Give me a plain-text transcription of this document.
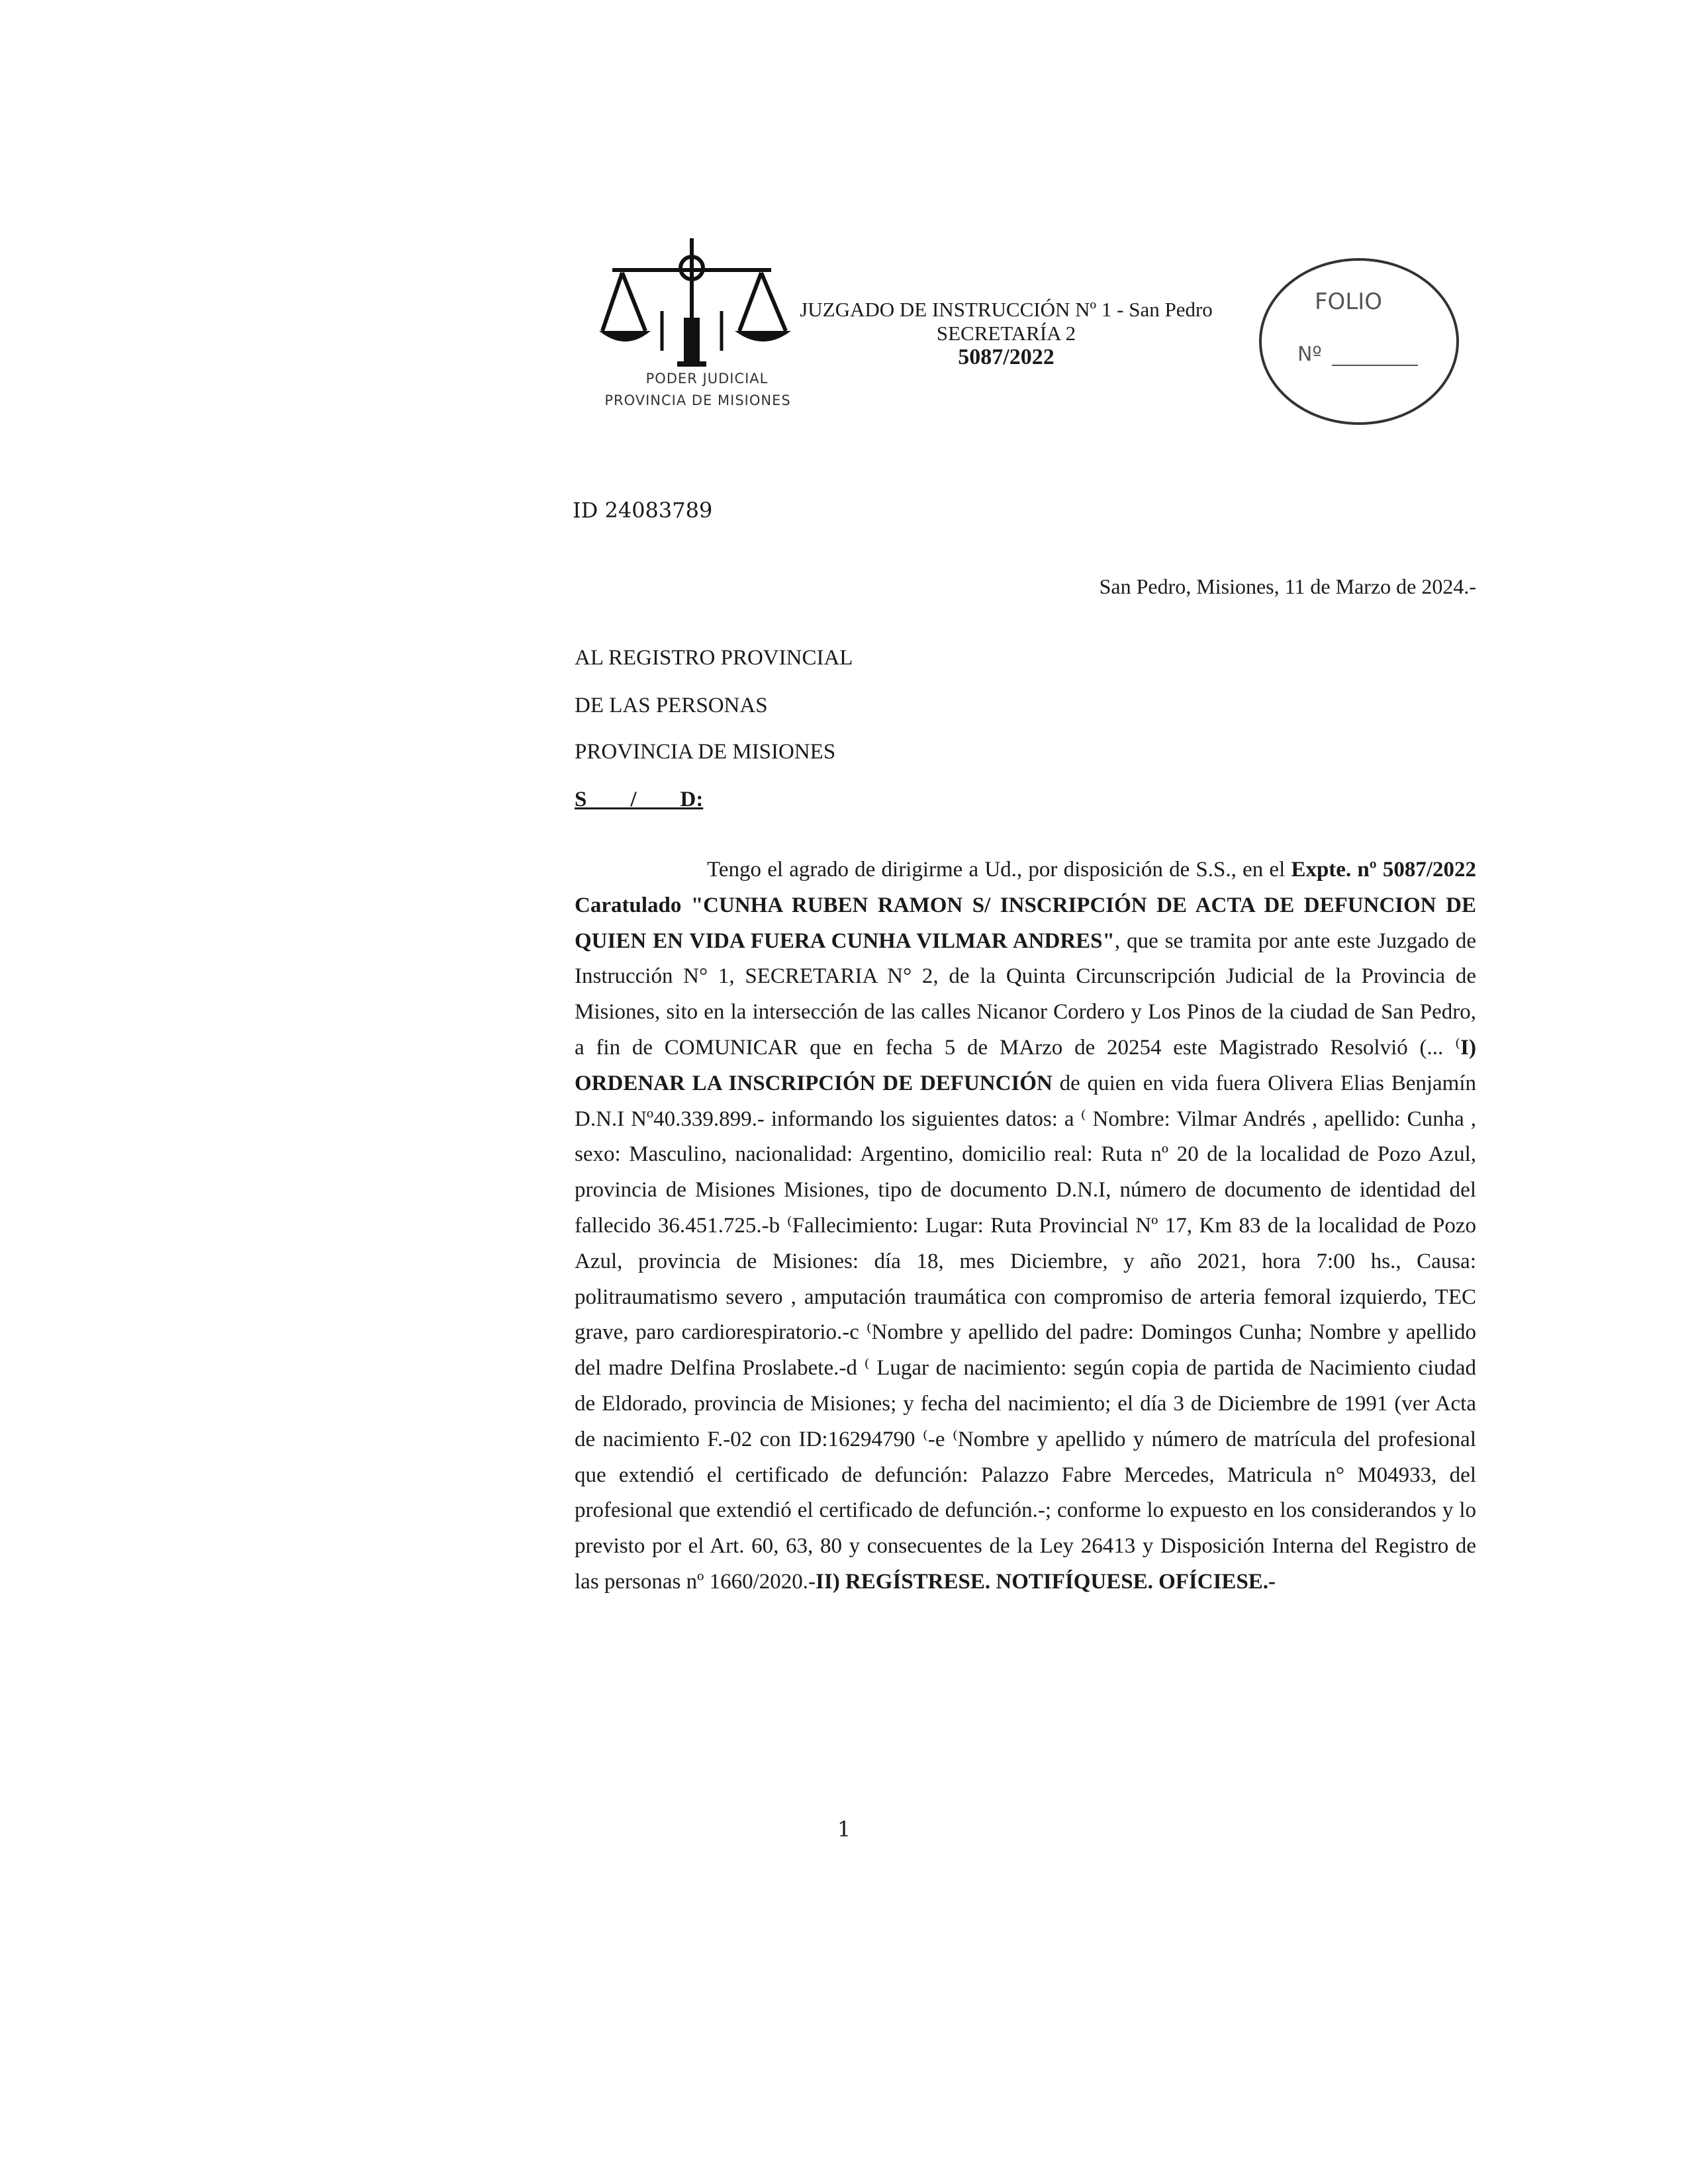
PODER JUDICIAL
PROVINCIA DE MISIONES
JUZGADO DE INSTRUCCIÓN Nº 1 - San Pedro
SECRETARÍA 2
5087/2022
FOLIO
Nº
ID 24083789
San Pedro, Misiones, 11 de Marzo de 2024.-
AL REGISTRO PROVINCIAL
DE LAS PERSONAS
PROVINCIA DE MISIONES
S        /        D:

Tengo el agrado de dirigirme a Ud., por disposición de S.S., en el Expte. nº 5087/2022 Caratulado "CUNHA RUBEN RAMON S/ INSCRIPCIÓN DE ACTA DE DEFUNCION DE QUIEN EN VIDA FUERA CUNHA VILMAR ANDRES", que se tramita por ante este Juzgado de Instrucción N° 1, SECRETARIA N° 2, de la Quinta Circunscripción Judicial de la Provincia de Misiones, sito en la intersección de las calles Nicanor Cordero y Los Pinos de la ciudad de San Pedro, a fin de COMUNICAR que en fecha 5 de MArzo de 20254 este Magistrado Resolvió (... ⁽I) ORDENAR LA INSCRIPCIÓN DE DEFUNCIÓN de quien en vida fuera Olivera Elias Benjamín D.N.I Nº40.339.899.- informando los siguientes datos: a ⁽ Nombre: Vilmar Andrés , apellido: Cunha , sexo: Masculino, nacionalidad: Argentino, domicilio real: Ruta nº 20 de la localidad de Pozo Azul, provincia de Misiones Misiones, tipo de documento D.N.I, número de documento de identidad del fallecido 36.451.725.-b ⁽Fallecimiento: Lugar: Ruta Provincial Nº 17, Km 83 de la localidad de Pozo Azul, provincia de Misiones: día 18, mes Diciembre, y año 2021, hora 7:00 hs., Causa: politraumatismo severo , amputación traumática con compromiso de arteria femoral izquierdo, TEC grave, paro cardiorespiratorio.-c ⁽Nombre y apellido del padre: Domingos Cunha; Nombre y apellido del madre Delfina Proslabete.-d ⁽ Lugar de nacimiento: según copia de partida de Nacimiento ciudad de Eldorado, provincia de Misiones; y fecha del nacimiento; el día 3 de Diciembre de 1991 (ver Acta de nacimiento F.-02 con ID:16294790 ⁽-e ⁽Nombre y apellido y número de matrícula del profesional que extendió el certificado de defunción: Palazzo Fabre Mercedes, Matricula n° M04933, del profesional que extendió el certificado de defunción.-; conforme lo expuesto en los considerandos y lo previsto por el Art. 60, 63, 80 y consecuentes de la Ley 26413 y Disposición Interna del Registro de las personas nº 1660/2020.-II) REGÍSTRESE. NOTIFÍQUESE. OFÍCIESE.-

1
